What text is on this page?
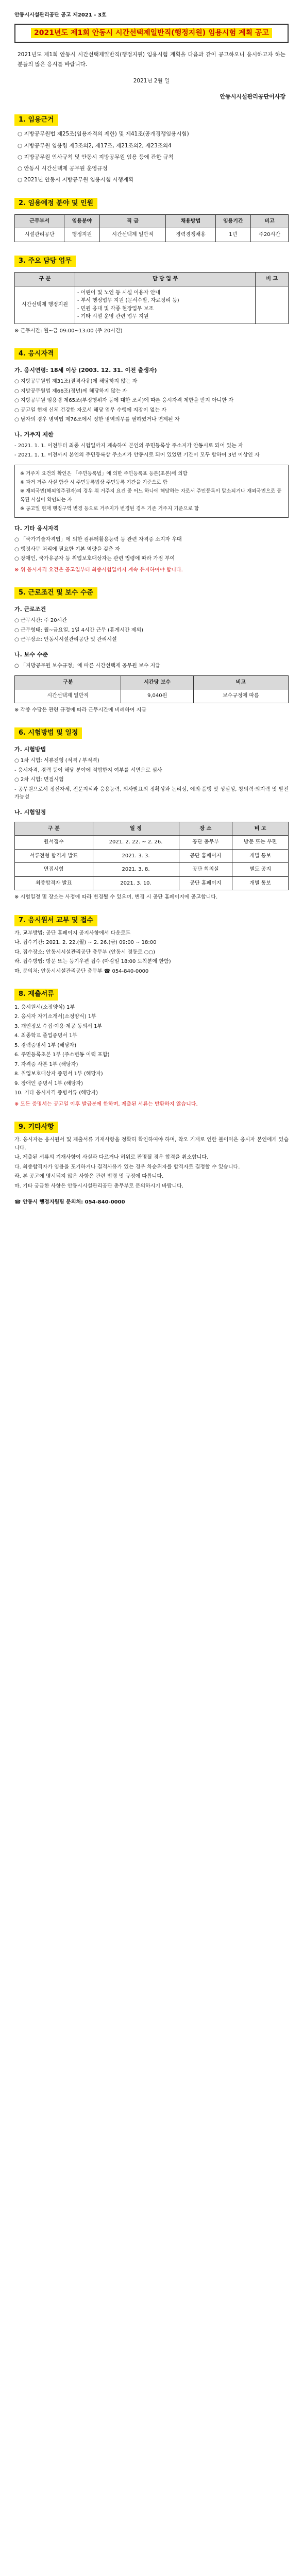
안동시시설관리공단 공고 제2021 - 3호
2021년도 제1회 안동시 시간선택제일반직(행정지원) 임용시험 계획 공고
2021년도 제1회 안동시 시간선택제일반직(행정지원) 임용시험 계획을 다음과 같이 공고하오니 응시하고자 하는 분들의 많은 응시를 바랍니다.
2021년 2월 일
안동시시설관리공단이사장
1. 임용근거
○ 지방공무원법 제25조(임용자격의 제한) 및 제41조(공개경쟁임용시험)
○ 지방공무원 임용령 제3조의2, 제17조, 제21조의2, 제23조의4
○ 지방공무원 인사규칙 및 안동시 지방공무원 임용 등에 관한 규칙
○ 안동시 시간선택제 공무원 운영규정
○ 2021년 안동시 지방공무원 임용시험 시행계획
2. 임용예정 분야 및 인원
근무부서	임용분야	직 급	채용방법	임용기간	비고
시설관리공단	행정지원	시간선택제 일반직	경력경쟁채용	1년	주20시간
3. 주요 담당 업무
구 분	담 당 업 무	비 고
시간선택제 행정지원	- 어린이 및 노인 등 시설 이용자 안내
- 부서 행정업무 지원 (문서수발, 자료정리 등)
- 민원 응대 및 각종 현장업무 보조
- 기타 시설 운영 관련 업무 지원	

※ 근무시간: 월~금 09:00~13:00 (주 20시간)
4. 응시자격
가. 응시연령: 18세 이상 (2003. 12. 31. 이전 출생자)

○ 지방공무원법 제31조(결격사유)에 해당하지 않는 자

○ 지방공무원법 제66조(정년)에 해당하지 않는 자

○ 지방공무원 임용령 제65조(부정행위자 등에 대한 조치)에 따른 응시자격 제한을 받지 아니한 자

○ 공고일 현재 신체 건강한 자로서 해당 업무 수행에 지장이 없는 자

○ 남자의 경우 병역법 제76조에서 정한 병역의무를 필하였거나 면제된 자

나. 거주지 제한

- 2021. 1. 1. 이전부터 최종 시험일까지 계속하여 본인의 주민등록상 주소지가 안동시로 되어 있는 자

- 2021. 1. 1. 이전까지 본인의 주민등록상 주소지가 안동시로 되어 있었던 기간이 모두 합하여 3년 이상인 자

※ 거주지 요건의 확인은 「주민등록법」에 의한 주민등록표 등본(초본)에 의함

※ 과거 거주 사실 합산 시 주민등록법상 주민등록 기간을 기준으로 함

※ 재외국민(해외영주권자)의 경우 위 거주지 요건 중 어느 하나에 해당하는 자로서 주민등록이 말소되거나 재외국민으로 등록된 사실이 확인되는 자

※ 공고일 현재 행정구역 변경 등으로 거주지가 변경된 경우 기존 거주지 기준으로 함

다. 기타 응시자격

○ 「국가기술자격법」에 의한 컴퓨터활용능력 등 관련 자격증 소지자 우대

○ 행정사무 처리에 필요한 기본 역량을 갖춘 자

○ 장애인, 국가유공자 등 취업보호대상자는 관련 법령에 따라 가점 부여

※ 위 응시자격 요건은 공고일부터 최종시험일까지 계속 유지하여야 합니다.
5. 근로조건 및 보수 수준
가. 근로조건

○ 근무시간: 주 20시간

○ 근무형태: 월~금요일, 1일 4시간 근무 (휴게시간 제외)

○ 근무장소: 안동시시설관리공단 및 관리시설

나. 보수 수준
○ 「지방공무원 보수규정」에 따른 시간선택제 공무원 보수 지급
구분	시간당 보수	비고
시간선택제 일반직	9,040원	보수규정에 따름
※ 각종 수당은 관련 규정에 따라 근무시간에 비례하여 지급
6. 시험방법 및 일정
가. 시험방법

○ 1차 시험: 서류전형 (적격 / 부적격)

- 응시자격, 경력 등이 해당 분야에 적합한지 여부를 서면으로 심사

○ 2차 시험: 면접시험

- 공무원으로서 정신자세, 전문지식과 응용능력, 의사발표의 정확성과 논리성, 예의·품행 및 성실성, 창의력·의지력 및 발전가능성

나. 시험일정
구 분	일 정	장 소	비 고
원서접수	2021. 2. 22. ~ 2. 26.	공단 총무부	방문 또는 우편
서류전형 합격자 발표	2021. 3. 3.	공단 홈페이지	개별 통보
면접시험	2021. 3. 8.	공단 회의실	별도 공지
최종합격자 발표	2021. 3. 10.	공단 홈페이지	개별 통보
※ 시험일정 및 장소는 사정에 따라 변경될 수 있으며, 변경 시 공단 홈페이지에 공고합니다.
7. 응시원서 교부 및 접수

가. 교부방법: 공단 홈페이지 공지사항에서 다운로드

나. 접수기간: 2021. 2. 22.(월) ~ 2. 26.(금) 09:00 ~ 18:00

다. 접수장소: 안동시시설관리공단 총무부 (안동시 경동로 ○○)

라. 접수방법: 방문 또는 등기우편 접수 (마감일 18:00 도착분에 한함)

마. 문의처: 안동시시설관리공단 총무부 ☎ 054-840-0000

8. 제출서류

1. 응시원서(소정양식) 1부

2. 응시자 자기소개서(소정양식) 1부

3. 개인정보 수집·이용·제공 동의서 1부

4. 최종학교 졸업증명서 1부

5. 경력증명서 1부 (해당자)

6. 주민등록초본 1부 (주소변동 이력 포함)

7. 자격증 사본 1부 (해당자)

8. 취업보호대상자 증명서 1부 (해당자)

9. 장애인 증명서 1부 (해당자)

10. 기타 응시자격 증빙서류 (해당자)

※ 모든 증명서는 공고일 이후 발급분에 한하며, 제출된 서류는 반환하지 않습니다.
9. 기타사항

가. 응시자는 응시원서 및 제출서류 기재사항을 정확히 확인하여야 하며, 착오 기재로 인한 불이익은 응시자 본인에게 있습니다.

나. 제출된 서류의 기재사항이 사실과 다르거나 허위로 판명될 경우 합격을 취소합니다.

다. 최종합격자가 임용을 포기하거나 결격사유가 있는 경우 차순위자를 합격자로 결정할 수 있습니다.

라. 본 공고에 명시되지 않은 사항은 관련 법령 및 규정에 따릅니다.

마. 기타 궁금한 사항은 안동시시설관리공단 총무부로 문의하시기 바랍니다.

☎ 안동시 행정지원팀 문의처: 054-840-0000
